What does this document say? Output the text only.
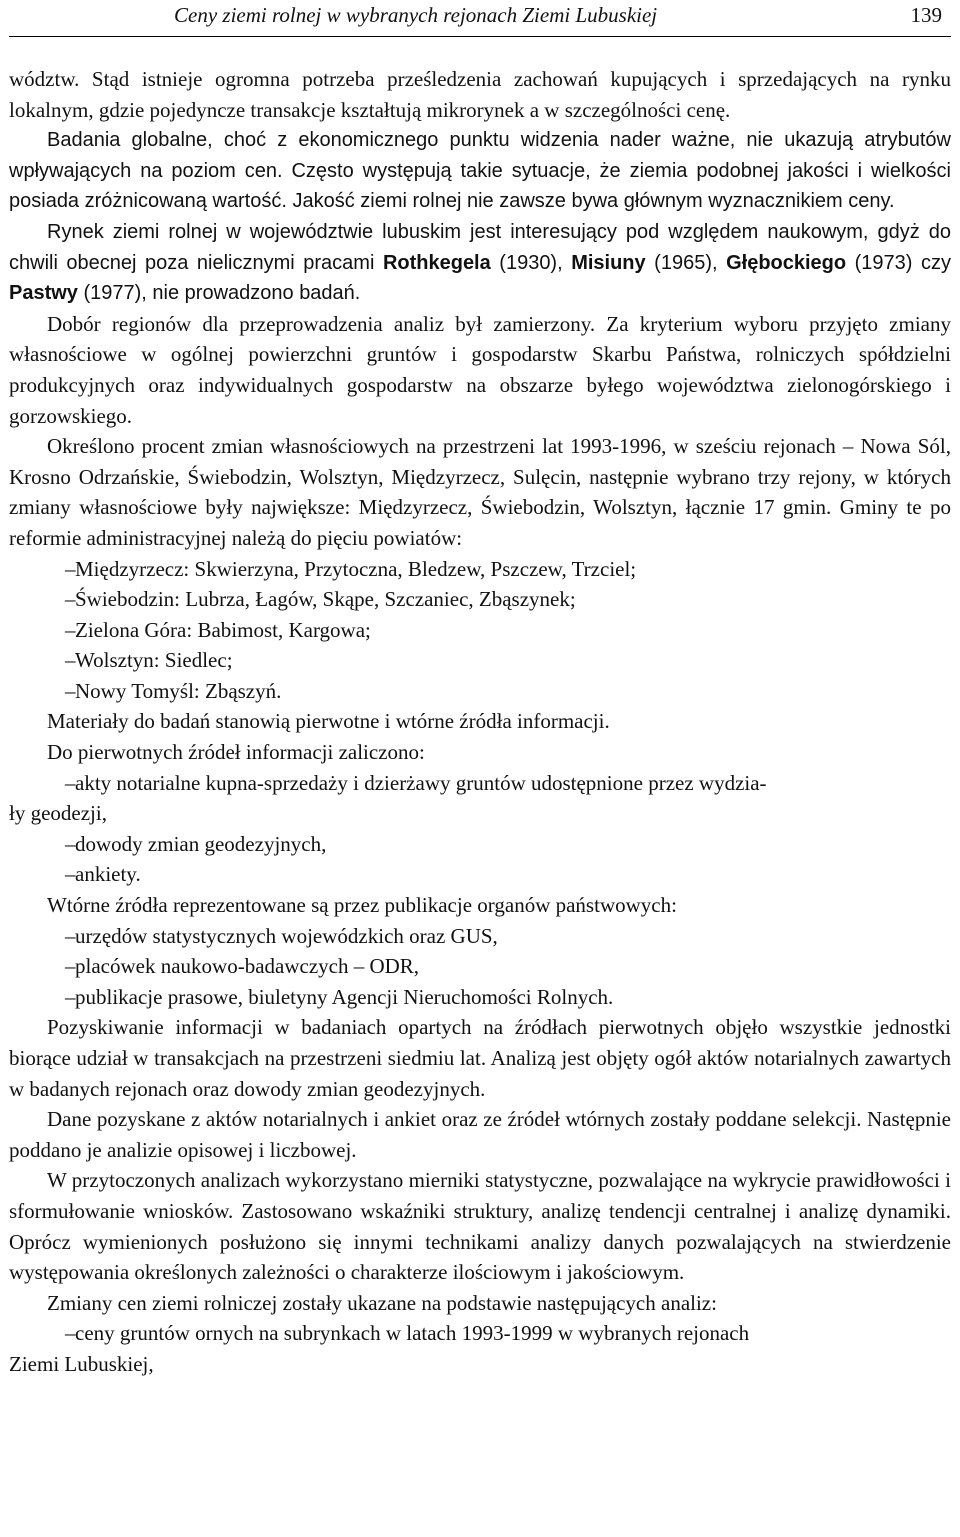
Ceny ziemi rolnej w wybranych rejonach Ziemi Lubuskiej	139

wództw. Stąd istnieje ogromna potrzeba prześledzenia zachowań kupujących i sprzedających na rynku lokalnym, gdzie pojedyncze transakcje kształtują mikrorynek a w szczególności cenę.

Badania globalne, choć z ekonomicznego punktu widzenia nader ważne, nie ukazują atrybutów wpływających na poziom cen. Często występują takie sytuacje, że ziemia podobnej jakości i wielkości posiada zróżnicowaną wartość. Jakość ziemi rolnej nie zawsze bywa głównym wyznacznikiem ceny.

Rynek ziemi rolnej w województwie lubuskim jest interesujący pod względem naukowym, gdyż do chwili obecnej poza nielicznymi pracami Rothkegela (1930), Misiuny (1965), Głębockiego (1973) czy Pastwy (1977), nie prowadzono badań.

Dobór regionów dla przeprowadzenia analiz był zamierzony. Za kryterium wyboru przyjęto zmiany własnościowe w ogólnej powierzchni gruntów i gospodarstw Skarbu Państwa, rolniczych spółdzielni produkcyjnych oraz indywidualnych gospodarstw na obszarze byłego województwa zielonogórskiego i gorzowskiego.

Określono procent zmian własnościowych na przestrzeni lat 1993-1996, w sześciu rejonach – Nowa Sól, Krosno Odrzańskie, Świebodzin, Wolsztyn, Międzyrzecz, Sulęcin, następnie wybrano trzy rejony, w których zmiany własnościowe były największe: Międzyrzecz, Świebodzin, Wolsztyn, łącznie 17 gmin. Gminy te po reformie administracyjnej należą do pięciu powiatów:

–Międzyrzecz: Skwierzyna, Przytoczna, Bledzew, Pszczew, Trzciel;

–Świebodzin: Lubrza, Łagów, Skąpe, Szczaniec, Zbąszynek;

–Zielona Góra: Babimost, Kargowa;

–Wolsztyn: Siedlec;

–Nowy Tomyśl: Zbąszyń.

Materiały do badań stanowią pierwotne i wtórne źródła informacji.

Do pierwotnych źródeł informacji zaliczono:

–akty notarialne kupna-sprzedaży i dzierżawy gruntów udostępnione przez wydzia-
ły geodezji,

–dowody zmian geodezyjnych,

–ankiety.

Wtórne źródła reprezentowane są przez publikacje organów państwowych:

–urzędów statystycznych wojewódzkich oraz GUS,

–placówek naukowo-badawczych – ODR,

–publikacje prasowe, biuletyny Agencji Nieruchomości Rolnych.

Pozyskiwanie informacji w badaniach opartych na źródłach pierwotnych objęło wszystkie jednostki biorące udział w transakcjach na przestrzeni siedmiu lat. Analizą jest objęty ogół aktów notarialnych zawartych w badanych rejonach oraz dowody zmian geodezyjnych.

Dane pozyskane z aktów notarialnych i ankiet oraz ze źródeł wtórnych zostały poddane selekcji. Następnie poddano je analizie opisowej i liczbowej.

W przytoczonych analizach wykorzystano mierniki statystyczne, pozwalające na wykrycie prawidłowości i sformułowanie wniosków. Zastosowano wskaźniki struktury, analizę tendencji centralnej i analizę dynamiki. Oprócz wymienionych posłużono się innymi technikami analizy danych pozwalających na stwierdzenie występowania określonych zależności o charakterze ilościowym i jakościowym.

Zmiany cen ziemi rolniczej zostały ukazane na podstawie następujących analiz:

–ceny gruntów ornych na subrynkach w latach 1993-1999 w wybranych rejonach
Ziemi Lubuskiej,
